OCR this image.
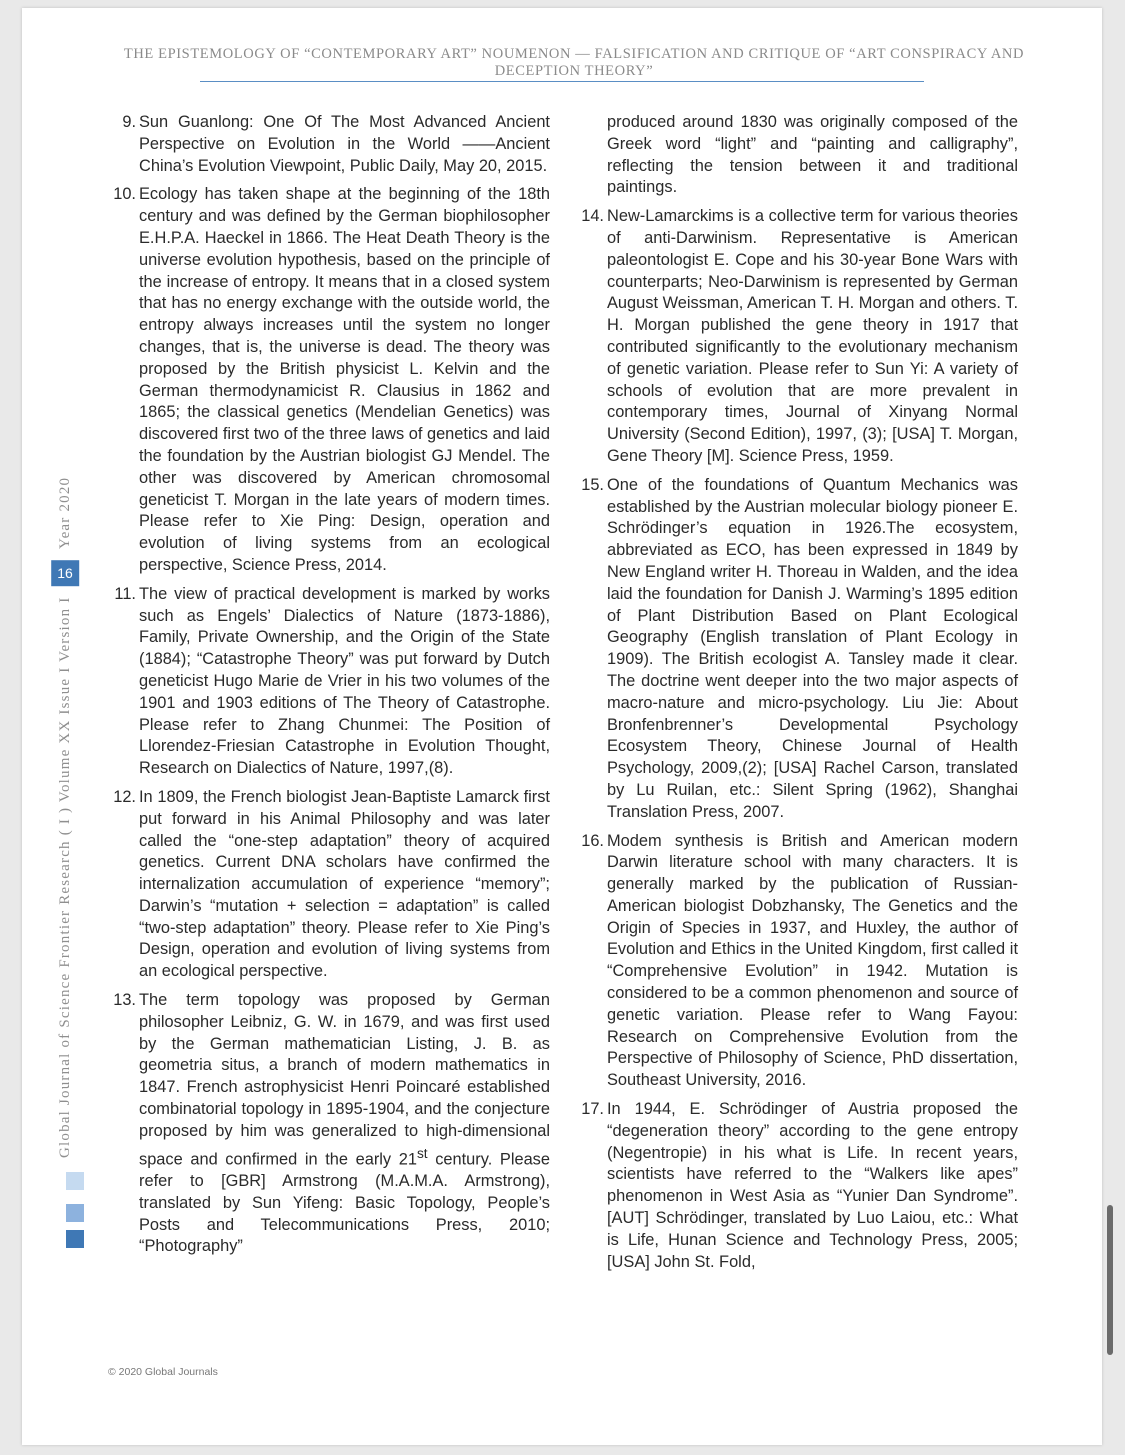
THE EPISTEMOLOGY OF “CONTEMPORARY ART” NOUMENON — FALSIFICATION AND CRITIQUE OF “ART CONSPIRACY AND
DECEPTION THEORY”
Global Journal of Science Frontier Research ( I ) Volume XX Issue I Version I
16
Year 2020
9. Sun Guanlong: One Of The Most Advanced Ancient Perspective on Evolution in the World ——Ancient China’s Evolution Viewpoint, Public Daily, May 20, 2015.
10. Ecology has taken shape at the beginning of the 18th century and was defined by the German biophilosopher E.H.P.A. Haeckel in 1866. The Heat Death Theory is the universe evolution hypothesis, based on the principle of the increase of entropy. It means that in a closed system that has no energy exchange with the outside world, the entropy always increases until the system no longer changes, that is, the universe is dead. The theory was proposed by the British physicist L. Kelvin and the German thermodynamicist R. Clausius in 1862 and 1865; the classical genetics (Mendelian Genetics) was discovered first two of the three laws of genetics and laid the foundation by the Austrian biologist GJ Mendel. The other was discovered by American chromosomal geneticist T. Morgan in the late years of modern times. Please refer to Xie Ping: Design, operation and evolution of living systems from an ecological perspective, Science Press, 2014.
11. The view of practical development is marked by works such as Engels’ Dialectics of Nature (1873-1886), Family, Private Ownership, and the Origin of the State (1884); “Catastrophe Theory” was put forward by Dutch geneticist Hugo Marie de Vrier in his two volumes of the 1901 and 1903 editions of The Theory of Catastrophe. Please refer to Zhang Chunmei: The Position of Llorendez-Friesian Catastrophe in Evolution Thought, Research on Dialectics of Nature, 1997,(8).
12. In 1809, the French biologist Jean-Baptiste Lamarck first put forward in his Animal Philosophy and was later called the “one-step adaptation” theory of acquired genetics. Current DNA scholars have confirmed the internalization accumulation of experience “memory”; Darwin’s “mutation + selection = adaptation” is called “two-step adaptation” theory. Please refer to Xie Ping’s Design, operation and evolution of living systems from an ecological perspective.
13. The term topology was proposed by German philosopher Leibniz, G. W. in 1679, and was first used by the German mathematician Listing, J. B. as geometria situs, a branch of modern mathematics in 1847. French astrophysicist Henri Poincaré established combinatorial topology in 1895-1904, and the conjecture proposed by him was generalized to high-dimensional space and confirmed in the early 21st century. Please refer to [GBR] Armstrong (M.A.M.A. Armstrong), translated by Sun Yifeng: Basic Topology, People’s Posts and Telecommunications Press, 2010; “Photography”
produced around 1830 was originally composed of the Greek word “light” and “painting and calligraphy”, reflecting the tension between it and traditional paintings.
14. New-Lamarckims is a collective term for various theories of anti-Darwinism. Representative is American paleontologist E. Cope and his 30-year Bone Wars with counterparts; Neo-Darwinism is represented by German August Weissman, American T. H. Morgan and others. T. H. Morgan published the gene theory in 1917 that contributed significantly to the evolutionary mechanism of genetic variation. Please refer to Sun Yi: A variety of schools of evolution that are more prevalent in contemporary times, Journal of Xinyang Normal University (Second Edition), 1997, (3); [USA] T. Morgan, Gene Theory [M]. Science Press, 1959.
15. One of the foundations of Quantum Mechanics was established by the Austrian molecular biology pioneer E. Schrödinger’s equation in 1926.The ecosystem, abbreviated as ECO, has been expressed in 1849 by New England writer H. Thoreau in Walden, and the idea laid the foundation for Danish J. Warming’s 1895 edition of Plant Distribution Based on Plant Ecological Geography (English translation of Plant Ecology in 1909). The British ecologist A. Tansley made it clear. The doctrine went deeper into the two major aspects of macro-nature and micro-psychology. Liu Jie: About Bronfenbrenner’s Developmental Psychology Ecosystem Theory, Chinese Journal of Health Psychology, 2009,(2); [USA] Rachel Carson, translated by Lu Ruilan, etc.: Silent Spring (1962), Shanghai Translation Press, 2007.
16. Modem synthesis is British and American modern Darwin literature school with many characters. It is generally marked by the publication of Russian-American biologist Dobzhansky, The Genetics and the Origin of Species in 1937, and Huxley, the author of Evolution and Ethics in the United Kingdom, first called it “Comprehensive Evolution” in 1942. Mutation is considered to be a common phenomenon and source of genetic variation. Please refer to Wang Fayou: Research on Comprehensive Evolution from the Perspective of Philosophy of Science, PhD dissertation, Southeast University, 2016.
17. In 1944, E. Schrödinger of Austria proposed the “degeneration theory” according to the gene entropy (Negentropie) in his what is Life. In recent years, scientists have referred to the “Walkers like apes” phenomenon in West Asia as “Yunier Dan Syndrome”. [AUT] Schrödinger, translated by Luo Laiou, etc.: What is Life, Hunan Science and Technology Press, 2005; [USA] John St. Fold,
© 2020 Global Journals
